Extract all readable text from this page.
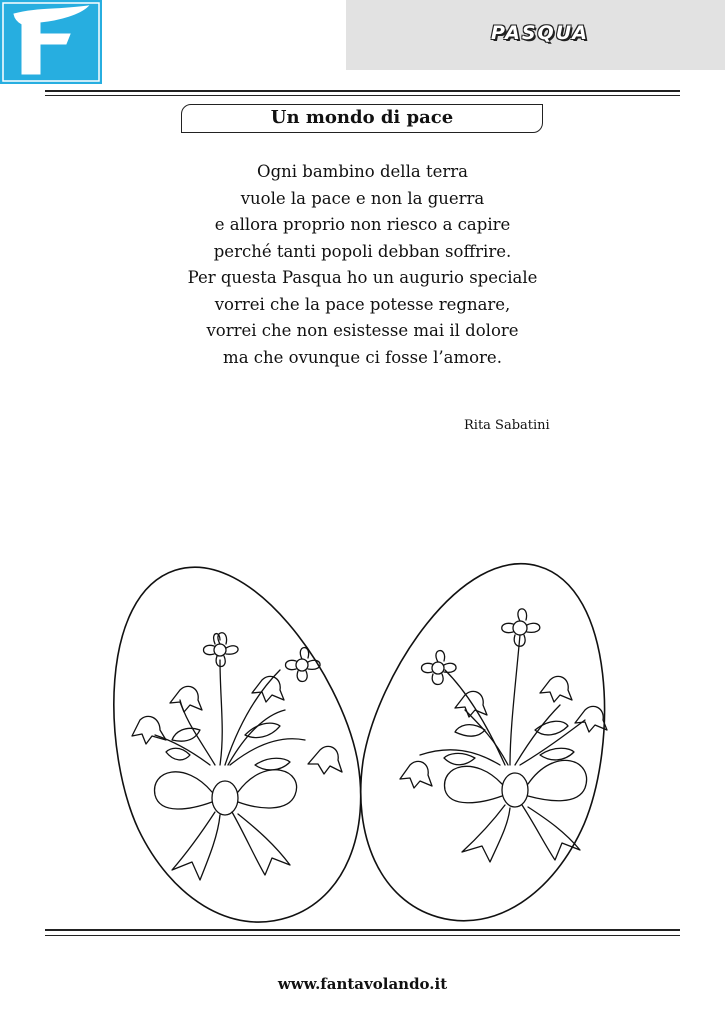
PASQUA
Un mondo di pace
Ogni bambino della terra
vuole la pace e non la guerra
e allora proprio non riesco a capire
perché tanti popoli debban soffrire.
Per questa Pasqua ho un augurio speciale
vorrei che la pace potesse regnare,
vorrei che non esistesse mai il dolore
ma che ovunque ci fosse l’amore.
Rita Sabatini
www.fantavolando.it
